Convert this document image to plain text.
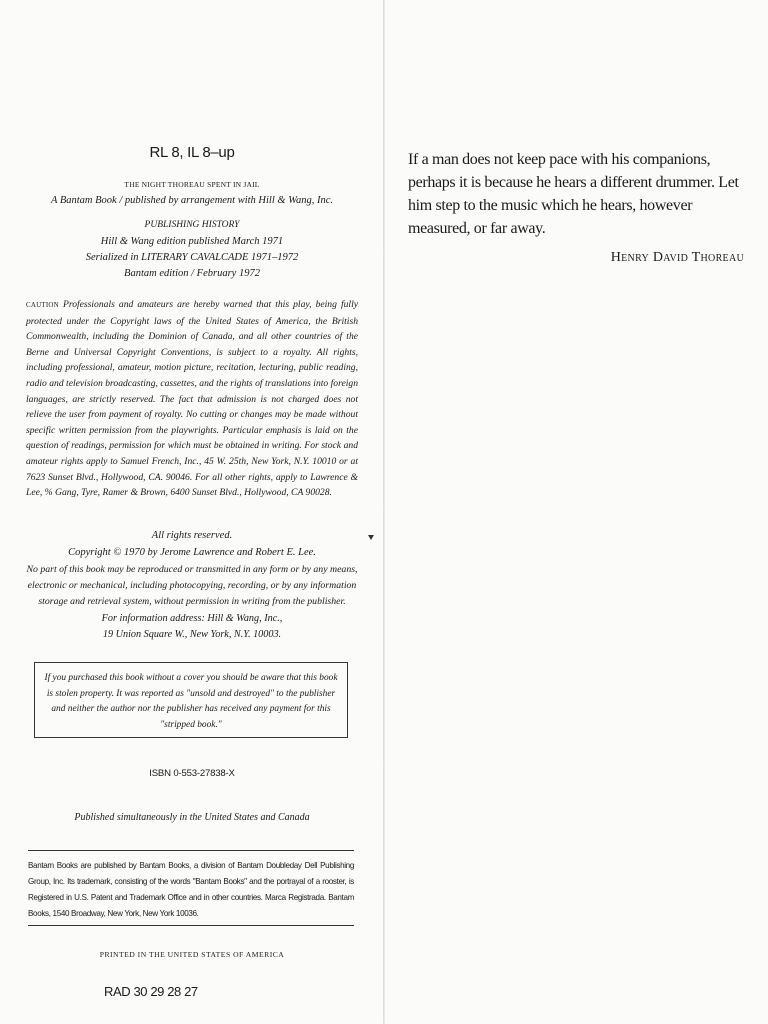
RL 8, IL 8–up
THE NIGHT THOREAU SPENT IN JAIL
A Bantam Book / published by arrangement with Hill & Wang, Inc.
PUBLISHING HISTORY
Hill & Wang edition published March 1971
Serialized in LITERARY CAVALCADE 1971–1972
Bantam edition / February 1972
CAUTION Professionals and amateurs are hereby warned that this play, being fully protected under the Copyright laws of the United States of America, the British Commonwealth, including the Dominion of Canada, and all other countries of the Berne and Universal Copyright Conventions, is subject to a royalty. All rights, including professional, amateur, motion picture, recitation, lecturing, public reading, radio and television broadcasting, cassettes, and the rights of translations into foreign languages, are strictly reserved. The fact that admission is not charged does not relieve the user from payment of royalty. No cutting or changes may be made without specific written permission from the playwrights. Particular emphasis is laid on the question of readings, permission for which must be obtained in writing. For stock and amateur rights apply to Samuel French, Inc., 45 W. 25th, New York, N.Y. 10010 or at 7623 Sunset Blvd., Hollywood, CA. 90046. For all other rights, apply to Lawrence & Lee, % Gang, Tyre, Ramer & Brown, 6400 Sunset Blvd., Hollywood, CA 90028.
All rights reserved.
Copyright © 1970 by Jerome Lawrence and Robert E. Lee.
No part of this book may be reproduced or transmitted in any form or by any means,
electronic or mechanical, including photocopying, recording, or by any information
storage and retrieval system, without permission in writing from the publisher.
For information address: Hill & Wang, Inc.,
19 Union Square W., New York, N.Y. 10003.
If you purchased this book without a cover you should be aware that this book is stolen property. It was reported as "unsold and destroyed" to the publisher and neither the author nor the publisher has received any payment for this "stripped book."
ISBN 0-553-27838-X
Published simultaneously in the United States and Canada
Bantam Books are published by Bantam Books, a division of Bantam Doubleday Dell Publishing Group, Inc. Its trademark, consisting of the words "Bantam Books" and the portrayal of a rooster, is Registered in U.S. Patent and Trademark Office and in other countries. Marca Registrada. Bantam Books, 1540 Broadway, New York, New York 10036.
PRINTED IN THE UNITED STATES OF AMERICA
RAD 30 29 28 27
If a man does not keep pace with his companions, perhaps it is because he hears a different drummer. Let him step to the music which he hears, however measured, or far away.
Henry David Thoreau
